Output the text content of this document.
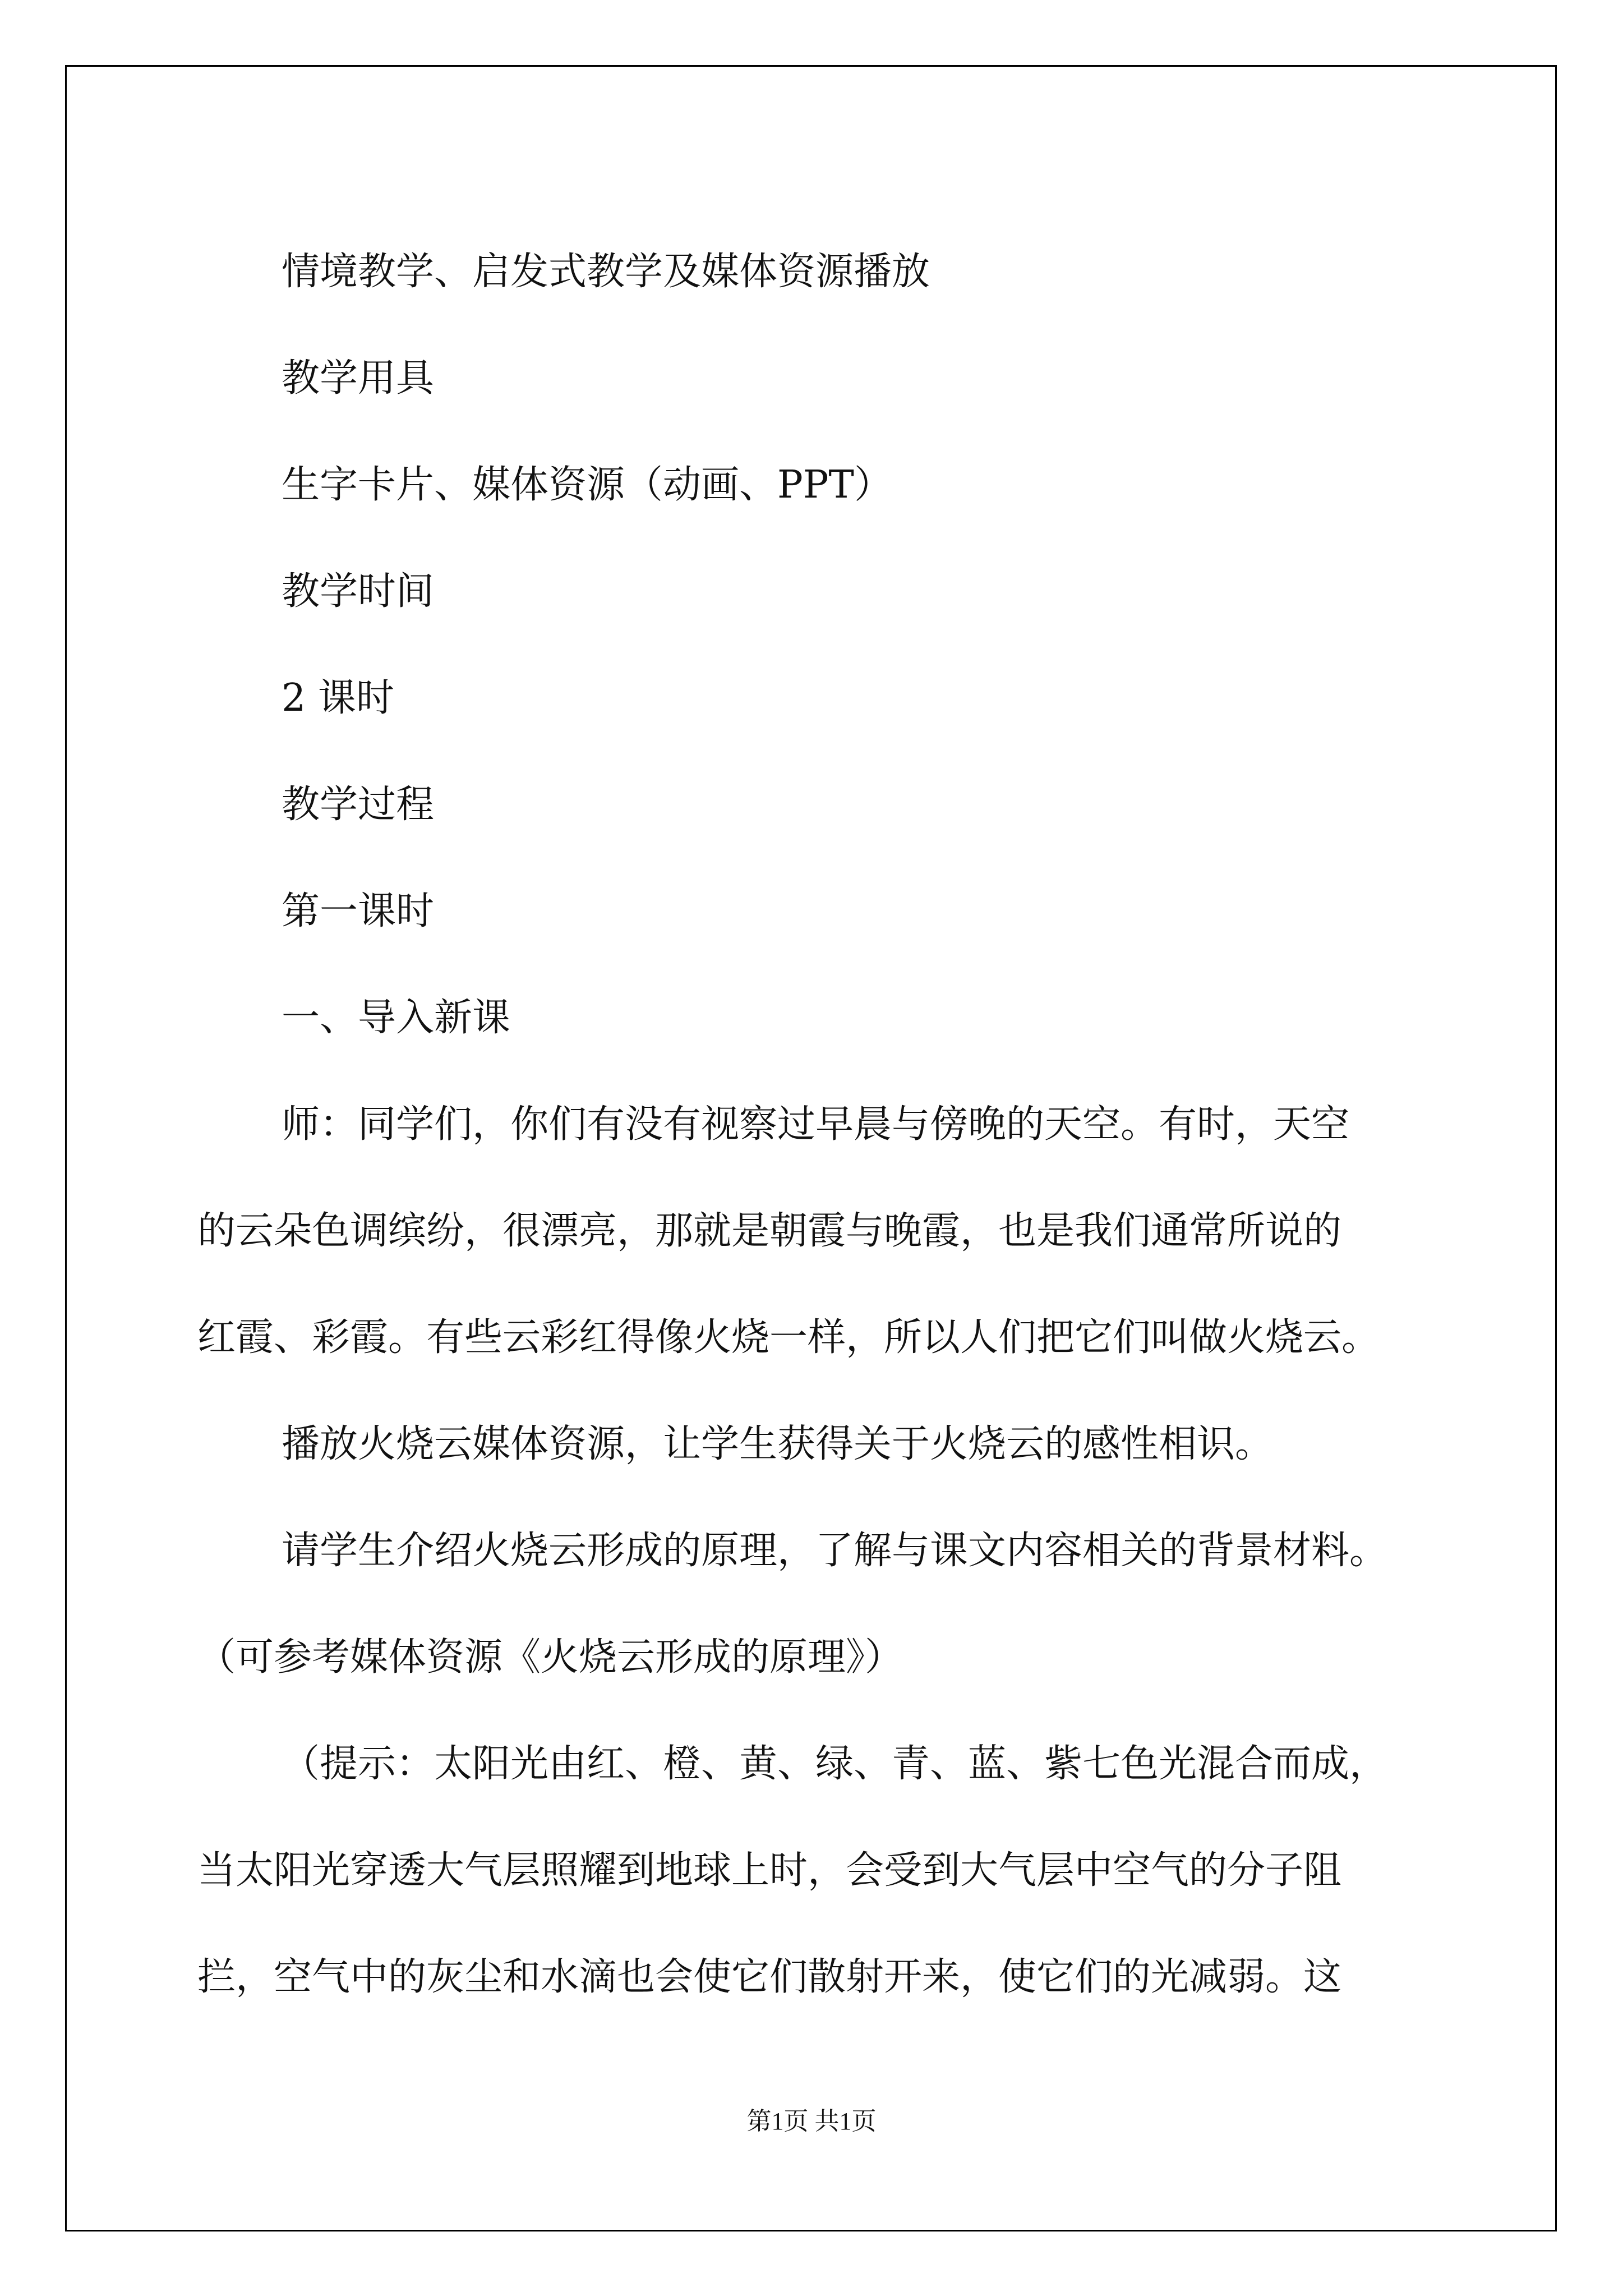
情境教学、启发式教学及媒体资源播放

教学用具

生字卡片、媒体资源（动画、PPT）

教学时间

2 课时

教学过程

第一课时

一、导入新课

师：同学们，你们有没有视察过早晨与傍晚的天空。有时，天空

的云朵色调缤纷，很漂亮，那就是朝霞与晚霞，也是我们通常所说的

红霞、彩霞。有些云彩红得像火烧一样，所以人们把它们叫做火烧云。

播放火烧云媒体资源，让学生获得关于火烧云的感性相识。

请学生介绍火烧云形成的原理，了解与课文内容相关的背景材料。

（可参考媒体资源《火烧云形成的原理》）

（提示：太阳光由红、橙、黄、绿、青、蓝、紫七色光混合而成，

当太阳光穿透大气层照耀到地球上时，会受到大气层中空气的分子阻

拦，空气中的灰尘和水滴也会使它们散射开来，使它们的光减弱。这

第1页 共1页
